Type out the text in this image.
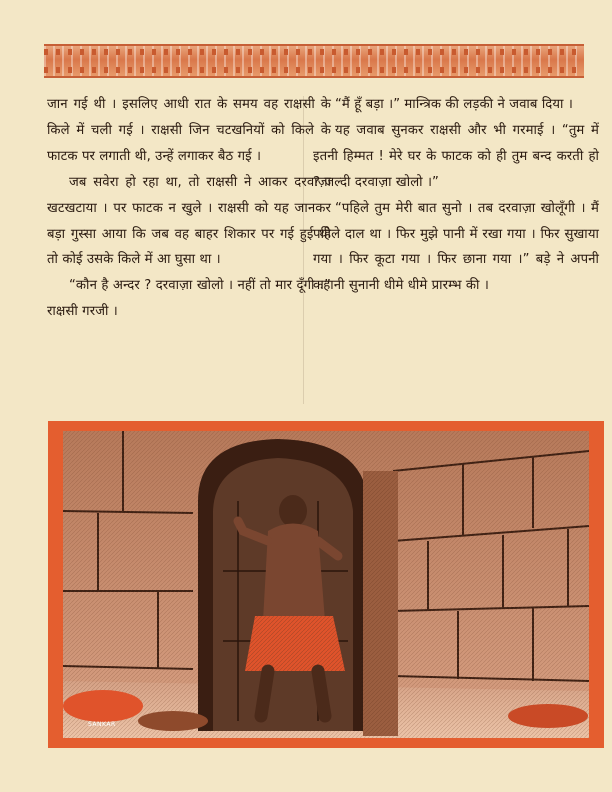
जान गई थी । इसलिए आधी रात के समय वह राक्षसी के किले में चली गई । राक्षसी जिन चटखनियों को किले के फाटक पर लगाती थी, उन्हें लगाकर बैठ गई ।

जब सवेरा हो रहा था, तो राक्षसी ने आकर दरवाज़ा खटखटाया । पर फाटक न खुले । राक्षसी को यह जानकर बड़ा गुस्सा आया कि जब वह बाहर शिकार पर गई हुई थी तो कोई उसके किले में आ घुसा था ।

“कौन है अन्दर ? दरवाज़ा खोलो । नहीं तो मार दूँगी ।” राक्षसी गरजी ।

“मैं हूँ बड़ा ।” मान्त्रिक की लड़की ने जवाब दिया ।

यह जवाब सुनकर राक्षसी और भी गरमाई । “तुम में इतनी हिम्मत ! मेरे घर के फाटक को ही तुम बन्द करती हो ? जल्दी दरवाज़ा खोलो ।”

“पहिले तुम मेरी बात सुनो । तब दरवाज़ा खोलूँगी । मैं पहिले दाल था । फिर मुझे पानी में रखा गया । फिर सुखाया गया । फिर कूटा गया । फिर छाना गया ।” बड़े ने अपनी कहानी सुनानी धीमे धीमे प्रारम्भ की ।

SANKAR
